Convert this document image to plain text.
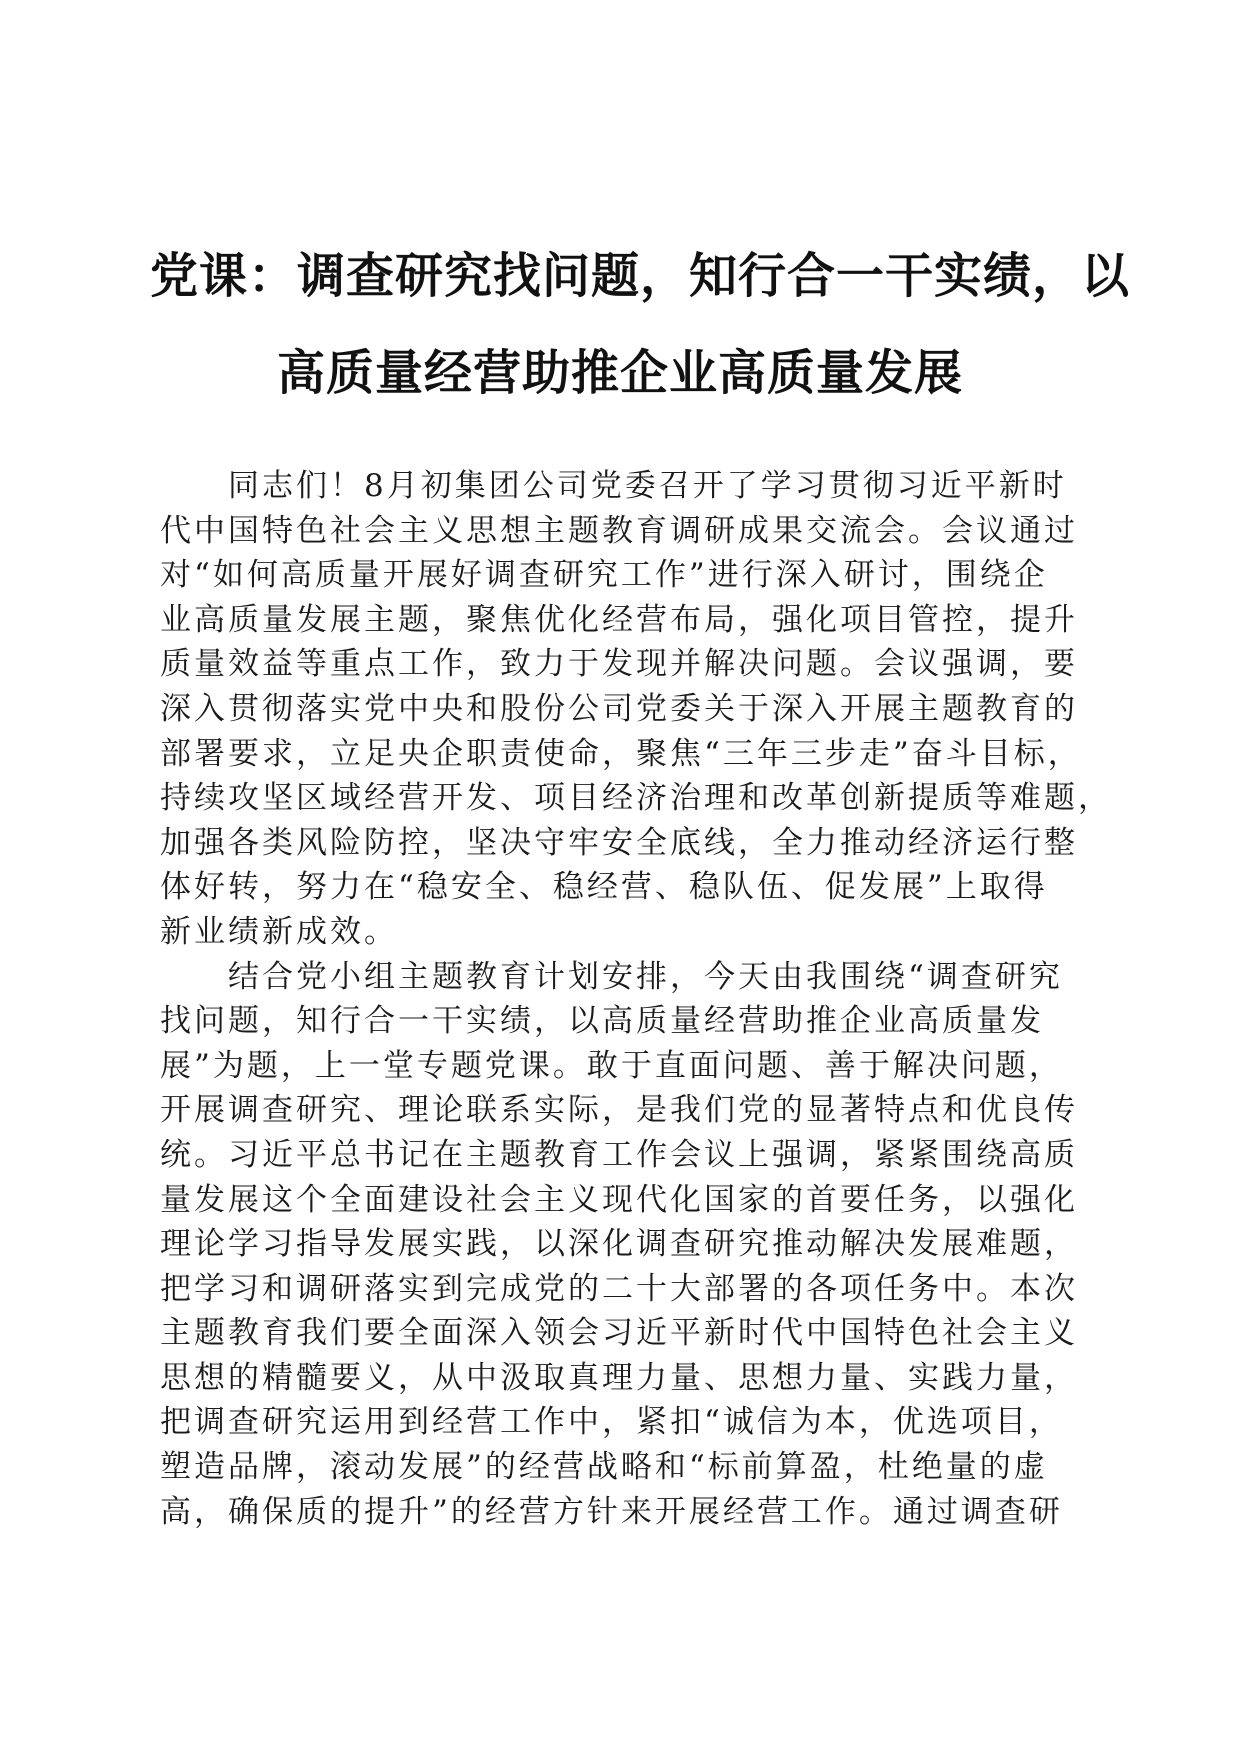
党课：调查研究找问题，知行合一干实绩，以
高质量经营助推企业高质量发展
　　同志们！8月初集团公司党委召开了学习贯彻习近平新时
代中国特色社会主义思想主题教育调研成果交流会。会议通过
对“如何高质量开展好调查研究工作”进行深入研讨，围绕企
业高质量发展主题，聚焦优化经营布局，强化项目管控，提升
质量效益等重点工作，致力于发现并解决问题。会议强调，要
深入贯彻落实党中央和股份公司党委关于深入开展主题教育的
部署要求，立足央企职责使命，聚焦“三年三步走”奋斗目标，
持续攻坚区域经营开发、项目经济治理和改革创新提质等难题，
加强各类风险防控，坚决守牢安全底线，全力推动经济运行整
体好转，努力在“稳安全、稳经营、稳队伍、促发展”上取得
新业绩新成效。
　　结合党小组主题教育计划安排，今天由我围绕“调查研究
找问题，知行合一干实绩，以高质量经营助推企业高质量发
展”为题，上一堂专题党课。敢于直面问题、善于解决问题，
开展调查研究、理论联系实际，是我们党的显著特点和优良传
统。习近平总书记在主题教育工作会议上强调，紧紧围绕高质
量发展这个全面建设社会主义现代化国家的首要任务，以强化
理论学习指导发展实践，以深化调查研究推动解决发展难题，
把学习和调研落实到完成党的二十大部署的各项任务中。本次
主题教育我们要全面深入领会习近平新时代中国特色社会主义
思想的精髓要义，从中汲取真理力量、思想力量、实践力量，
把调查研究运用到经营工作中，紧扣“诚信为本，优选项目，
塑造品牌，滚动发展”的经营战略和“标前算盈，杜绝量的虚
高，确保质的提升”的经营方针来开展经营工作。通过调查研
